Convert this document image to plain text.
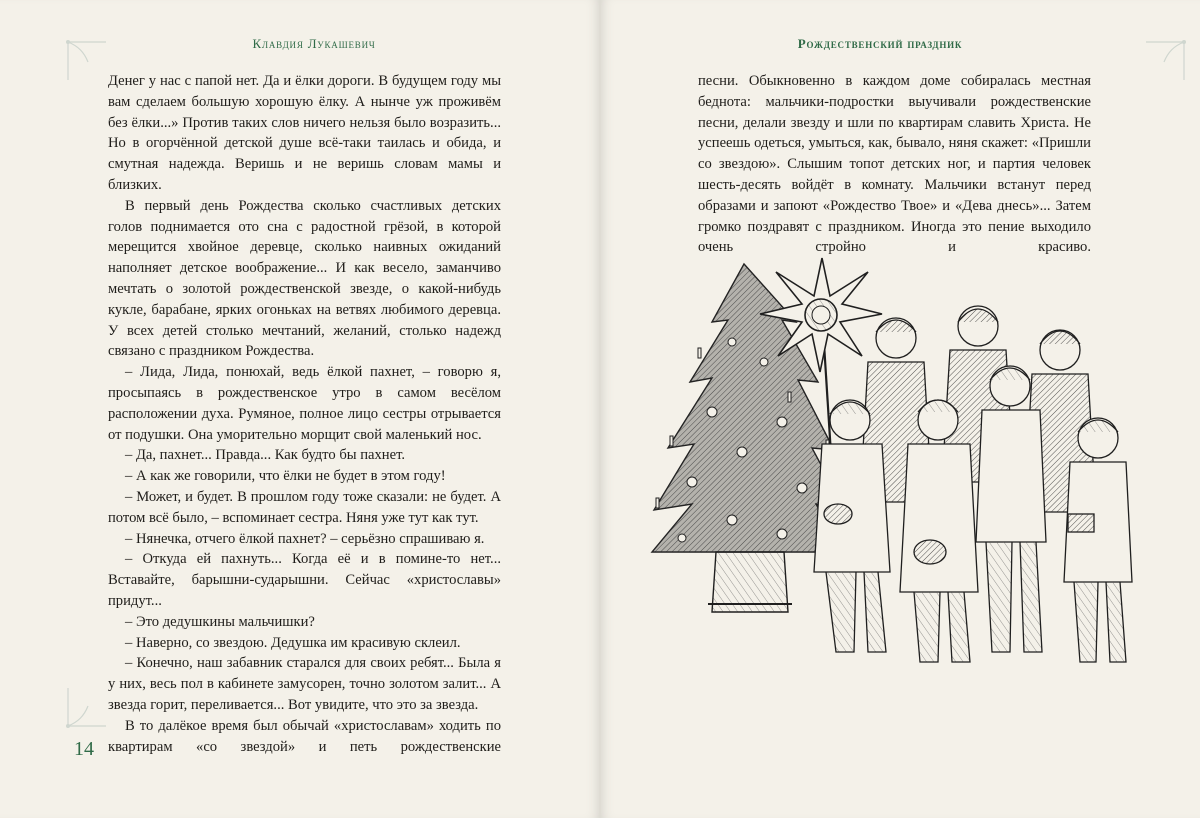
Клавдия Лукашевич

Денег у нас с папой нет. Да и ёлки дороги. В будущем году мы вам сделаем большую хорошую ёлку. А нынче уж проживём без ёлки...» Против таких слов ничего нельзя было возразить... Но в огорчённой детской душе всё-таки таилась и обида, и смутная надежда. Веришь и не веришь словам мамы и близких.

В первый день Рождества сколько счастливых детских голов поднимается ото сна с радостной грёзой, в которой мерещится хвойное деревце, сколько наивных ожиданий наполняет детское воображение... И как весело, заманчиво мечтать о золотой рождественской звезде, о какой-нибудь кукле, барабане, ярких огоньках на ветвях любимого деревца. У всех детей столько мечтаний, желаний, столько надежд связано с праздником Рождества.

– Лида, Лида, понюхай, ведь ёлкой пахнет, – говорю я, просыпаясь в рождественское утро в самом весёлом расположении духа. Румяное, полное лицо сестры отрывается от подушки. Она уморительно морщит свой маленький нос.

– Да, пахнет... Правда... Как будто бы пахнет.

– А как же говорили, что ёлки не будет в этом году!

– Может, и будет. В прошлом году тоже сказали: не будет. А потом всё было, – вспоминает сестра. Няня уже тут как тут.

– Нянечка, отчего ёлкой пахнет? – серьёзно спрашиваю я.

– Откуда ей пахнуть... Когда её и в помине-то нет... Вставайте, барышни-сударышни. Сейчас «христославы» придут...

– Это дедушкины мальчишки?

– Наверно, со звездою. Дедушка им красивую склеил.

– Конечно, наш забавник старался для своих ребят... Была я у них, весь пол в кабинете замусорен, точно золотом залит... А звезда горит, переливается... Вот увидите, что это за звезда.

В то далёкое время был обычай «христославам» ходить по квартирам «со звездой» и петь рождественские

14
Рождественский праздник

песни. Обыкновенно в каждом доме собиралась местная беднота: мальчики-подростки выучивали рождественские песни, делали звезду и шли по квартирам славить Христа. Не успеешь одеться, умыться, как, бывало, няня скажет: «Пришли со звездою». Слышим топот детских ног, и партия человек шесть-десять войдёт в комнату. Мальчики встанут перед образами и запоют «Рождество Твое» и «Дева днесь»... Затем громко поздравят с праздником. Иногда это пение выходило очень стройно и красиво.
